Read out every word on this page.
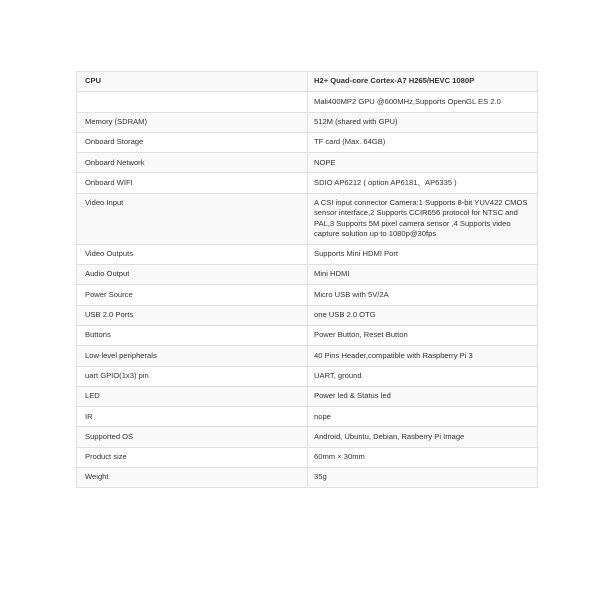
CPU	H2+ Quad-core Cortex-A7 H265/HEVC 1080P
	Mali400MP2 GPU @600MHz,Supports OpenGL ES 2.0
Memory (SDRAM)	512M (shared with GPU)
Onboard Storage	TF card (Max. 64GB)
Onboard Network	NOPE
Onboard WIFI	SDIO AP6212 ( option AP6181、AP6335 )
Video Input	A CSI input connector Camera:1 Supports 8-bit YUV422 CMOS sensor interface,2 Supports CCIR656 protocol for NTSC and PAL,3 Supports 5M pixel camera sensor ,4 Supports video capture solution up to 1080p@30fps
Video Outputs	Supports Mini HDMI Port
Audio Output	Mini HDMI
Power Source	Micro USB with 5V/2A
USB 2.0 Ports	one USB 2.0 OTG
Buttons	Power Button, Reset Button
Low-level peripherals	40 Pins Header,compatible with Raspberry Pi 3
uart GPIO(1x3) pin	UART, ground
LED	Power led & Status led
IR	nope
Supported OS	Android, Ubuntu, Debian, Rasberry Pi Image
Product size	60mm × 30mm
Weight	35g
